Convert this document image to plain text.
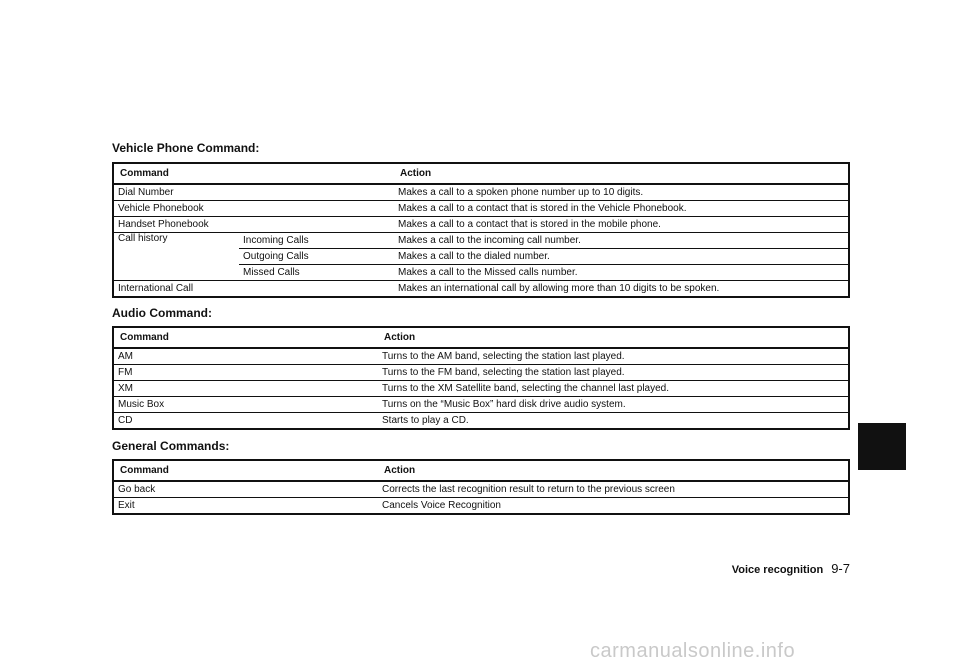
Vehicle Phone Command:
Command		Action
Dial Number		Makes a call to a spoken phone number up to 10 digits.
Vehicle Phonebook		Makes a call to a contact that is stored in the Vehicle Phonebook.
Handset Phonebook		Makes a call to a contact that is stored in the mobile phone.
Call history	Incoming Calls	Makes a call to the incoming call number.
	Outgoing Calls	Makes a call to the dialed number.
	Missed Calls	Makes a call to the Missed calls number.
International Call		Makes an international call by allowing more than 10 digits to be spoken.
Audio Command:
Command	Action
AM	Turns to the AM band, selecting the station last played.
FM	Turns to the FM band, selecting the station last played.
XM	Turns to the XM Satellite band, selecting the channel last played.
Music Box	Turns on the “Music Box” hard disk drive audio system.
CD	Starts to play a CD.
General Commands:
Command	Action
Go back	Corrects the last recognition result to return to the previous screen
Exit	Cancels Voice Recognition
Voice recognition 9-7
carmanualsonline.info
